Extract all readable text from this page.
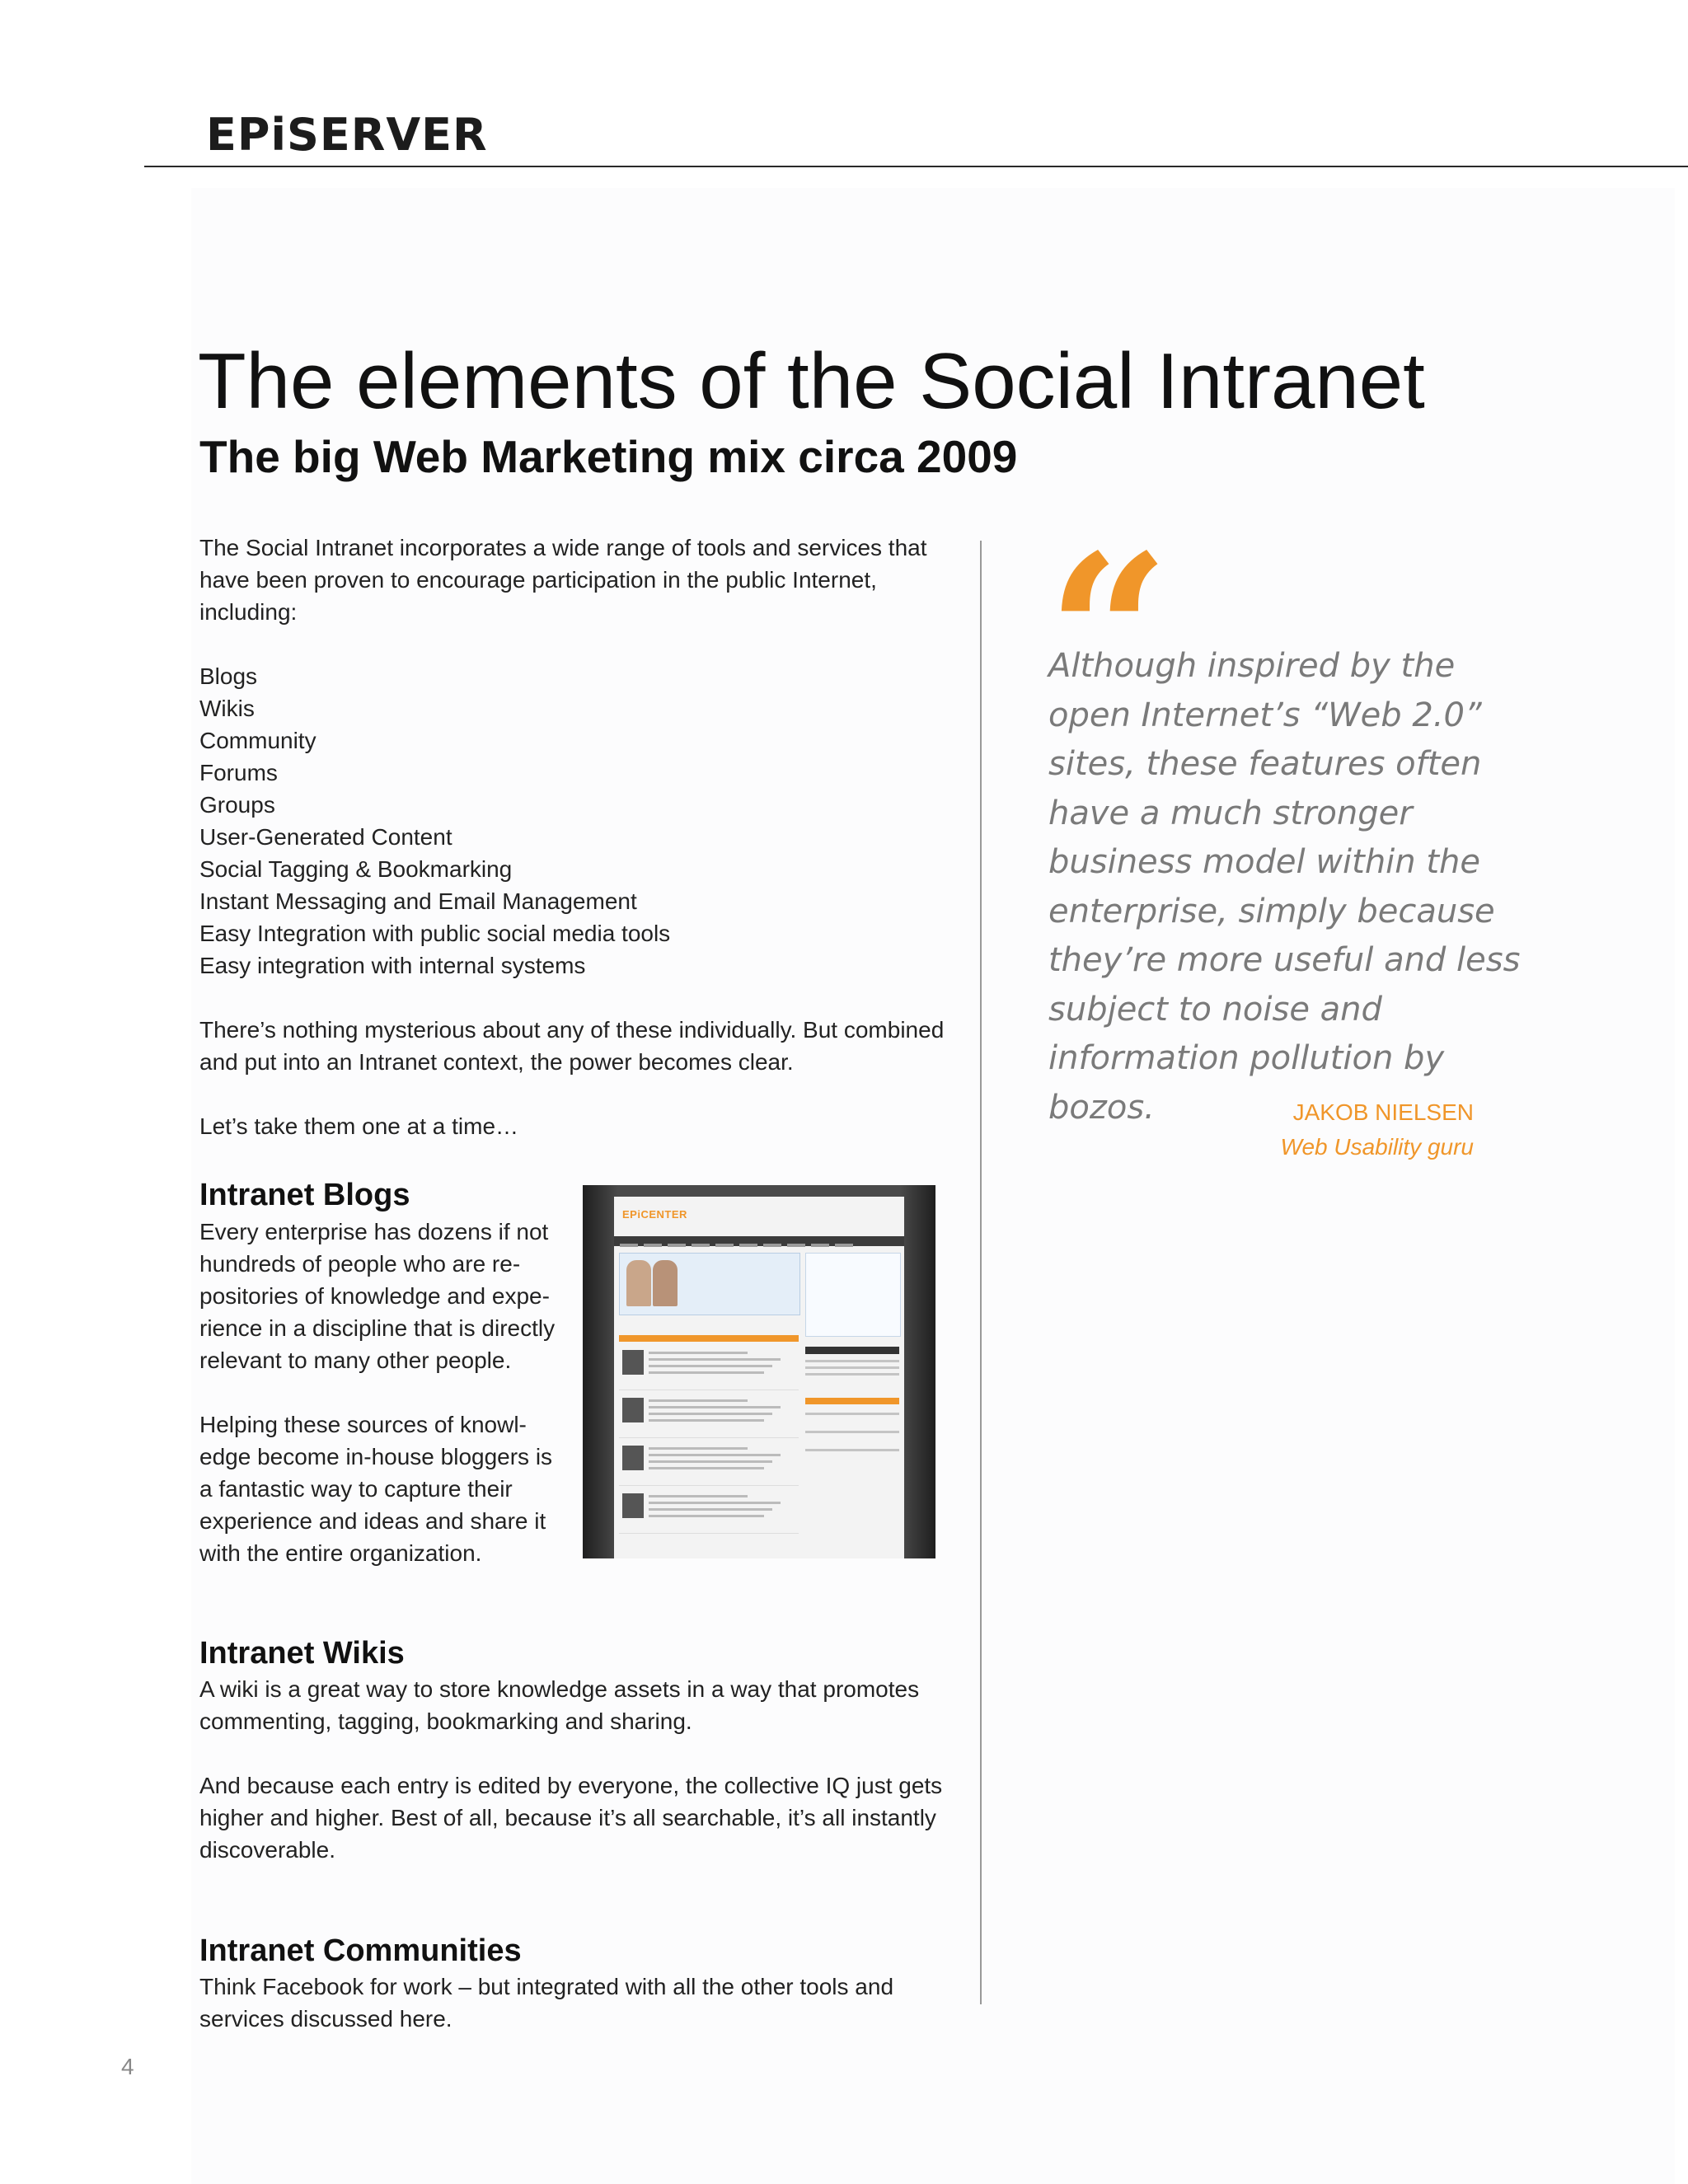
EPiSERVER
The elements of the Social Intranet
The big Web Marketing mix circa 2009

The Social Intranet incorporates a wide range of tools and services that have been proven to encourage participation in the public Internet, including:

Blogs
Wikis
Community
Forums
Groups
User-Generated Content
Social Tagging & Bookmarking
Instant Messaging and Email Management
Easy Integration with public social media tools
Easy integration with internal systems

There’s nothing mysterious about any of these individually. But combined and put into an Intranet context, the power becomes clear.

Let’s take them one at a time…

Intranet Blogs

Every enterprise has dozens if not hundreds of people who are re-positories of knowledge and expe-rience in a discipline that is directly relevant to many other people.

Helping these sources of knowl-edge become in-house bloggers is a fantastic way to capture their experience and ideas and share it with the entire organization.

EPiCENTER
Intranet Wikis

A wiki is a great way to store knowledge assets in a way that promotes commenting, tagging, bookmarking and sharing.

And because each entry is edited by everyone, the collective IQ just gets higher and higher. Best of all, because it’s all searchable, it’s all instantly discoverable.

Intranet Communities

Think Facebook for work – but integrated with all the other tools and services discussed here.

“

Although inspired by the open Internet’s “Web 2.0” sites, these features often have a much stronger business model within the enterprise, simply because they’re more useful and less subject to noise and information pollution by bozos.	JAKOB NIELSEN

Web Usability guru

4
